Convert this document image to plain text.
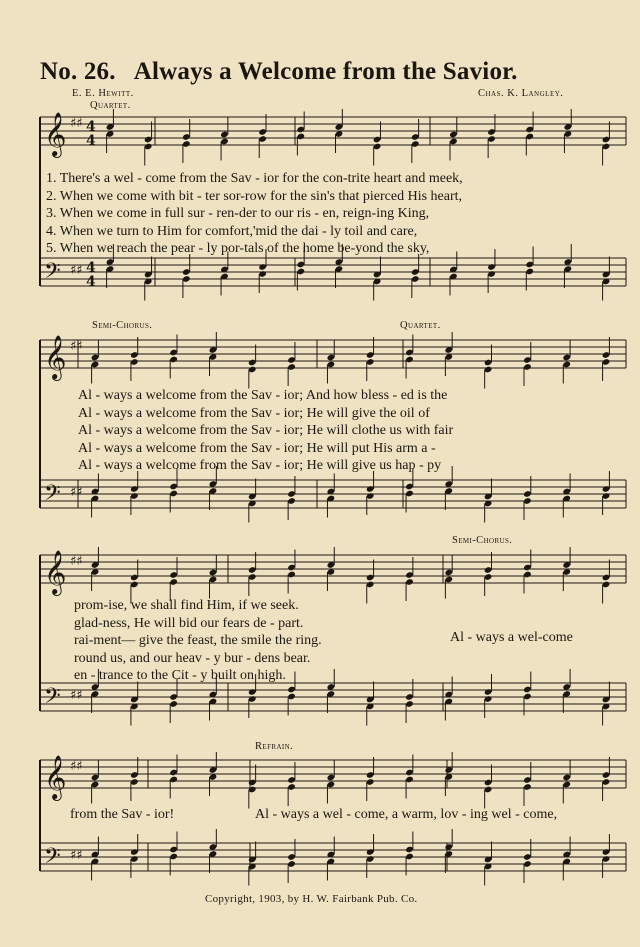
𝄞 ♯♯ 4
4
𝄢 ♯♯ 4
4
𝄞 ♯♯
𝄢 ♯♯
𝄞 ♯♯
𝄢 ♯♯
𝄞 ♯♯
𝄢 ♯♯
No. 26. Always a Welcome from the Savior.
E. E. Hewitt.	Chas. K. Langley.
Quartet.
Semi-Chorus.	Quartet.
Semi-Chorus.
Refrain.
1. There's a wel - come from the Sav - ior for the con-trite heart and meek,
2. When we come with bit - ter sor-row for the sin's that pierced His heart,
3. When we come in full sur - ren-der to our ris - en, reign-ing King,
4. When we turn to Him for comfort,'mid the dai - ly toil and care,
5. When we reach the pear - ly por-tals of the home be-yond the sky,
Al - ways a welcome from the Sav - ior; And how bless - ed is the
Al - ways a welcome from the Sav - ior; He will give the oil of
Al - ways a welcome from the Sav - ior; He will clothe us with fair
Al - ways a welcome from the Sav - ior; He will put His arm a -
Al - ways a welcome from the Sav - ior; He will give us hap - py
prom-ise, we shall find Him, if we seek.
glad-ness, He will bid our fears de - part.
rai-ment— give the feast, the smile the ring.
round us, and our heav - y bur - dens bear.
en - trance to the Cit - y built on high.
Al - ways a wel-come
from the Sav - ior!	Al - ways a wel - come, a warm, lov - ing wel - come,
Copyright, 1903, by H. W. Fairbank Pub. Co.
